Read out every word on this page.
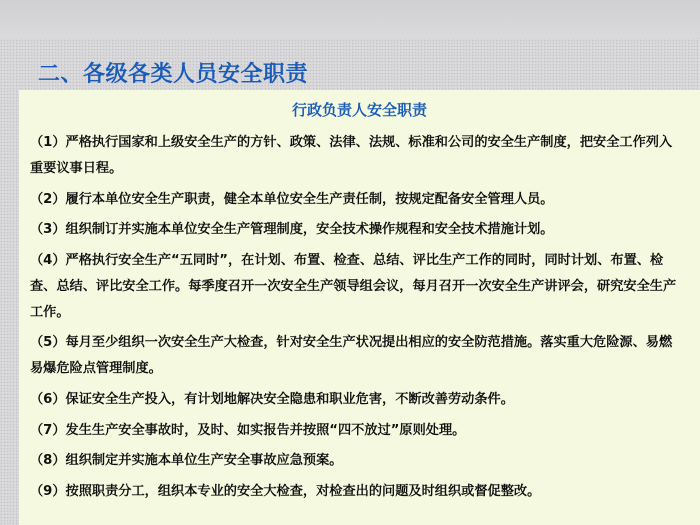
二、各级各类人员安全职责
行政负责人安全职责
（1）严格执行国家和上级安全生产的方针、政策、法律、法规、标准和公司的安全生产制度，把安全工作列入重要议事日程。
（2）履行本单位安全生产职责，健全本单位安全生产责任制，按规定配备安全管理人员。
（3）组织制订并实施本单位安全生产管理制度，安全技术操作规程和安全技术措施计划。
（4）严格执行安全生产“五同时”，在计划、布置、检查、总结、评比生产工作的同时，同时计划、布置、检查、总结、评比安全工作。每季度召开一次安全生产领导组会议，每月召开一次安全生产讲评会，研究安全生产工作。
（5）每月至少组织一次安全生产大检查，针对安全生产状况提出相应的安全防范措施。落实重大危险源、易燃易爆危险点管理制度。
（6）保证安全生产投入，有计划地解决安全隐患和职业危害，不断改善劳动条件。
（7）发生生产安全事故时，及时、如实报告并按照“四不放过”原则处理。
（8）组织制定并实施本单位生产安全事故应急预案。
（9）按照职责分工，组织本专业的安全大检查，对检查出的问题及时组织或督促整改。
